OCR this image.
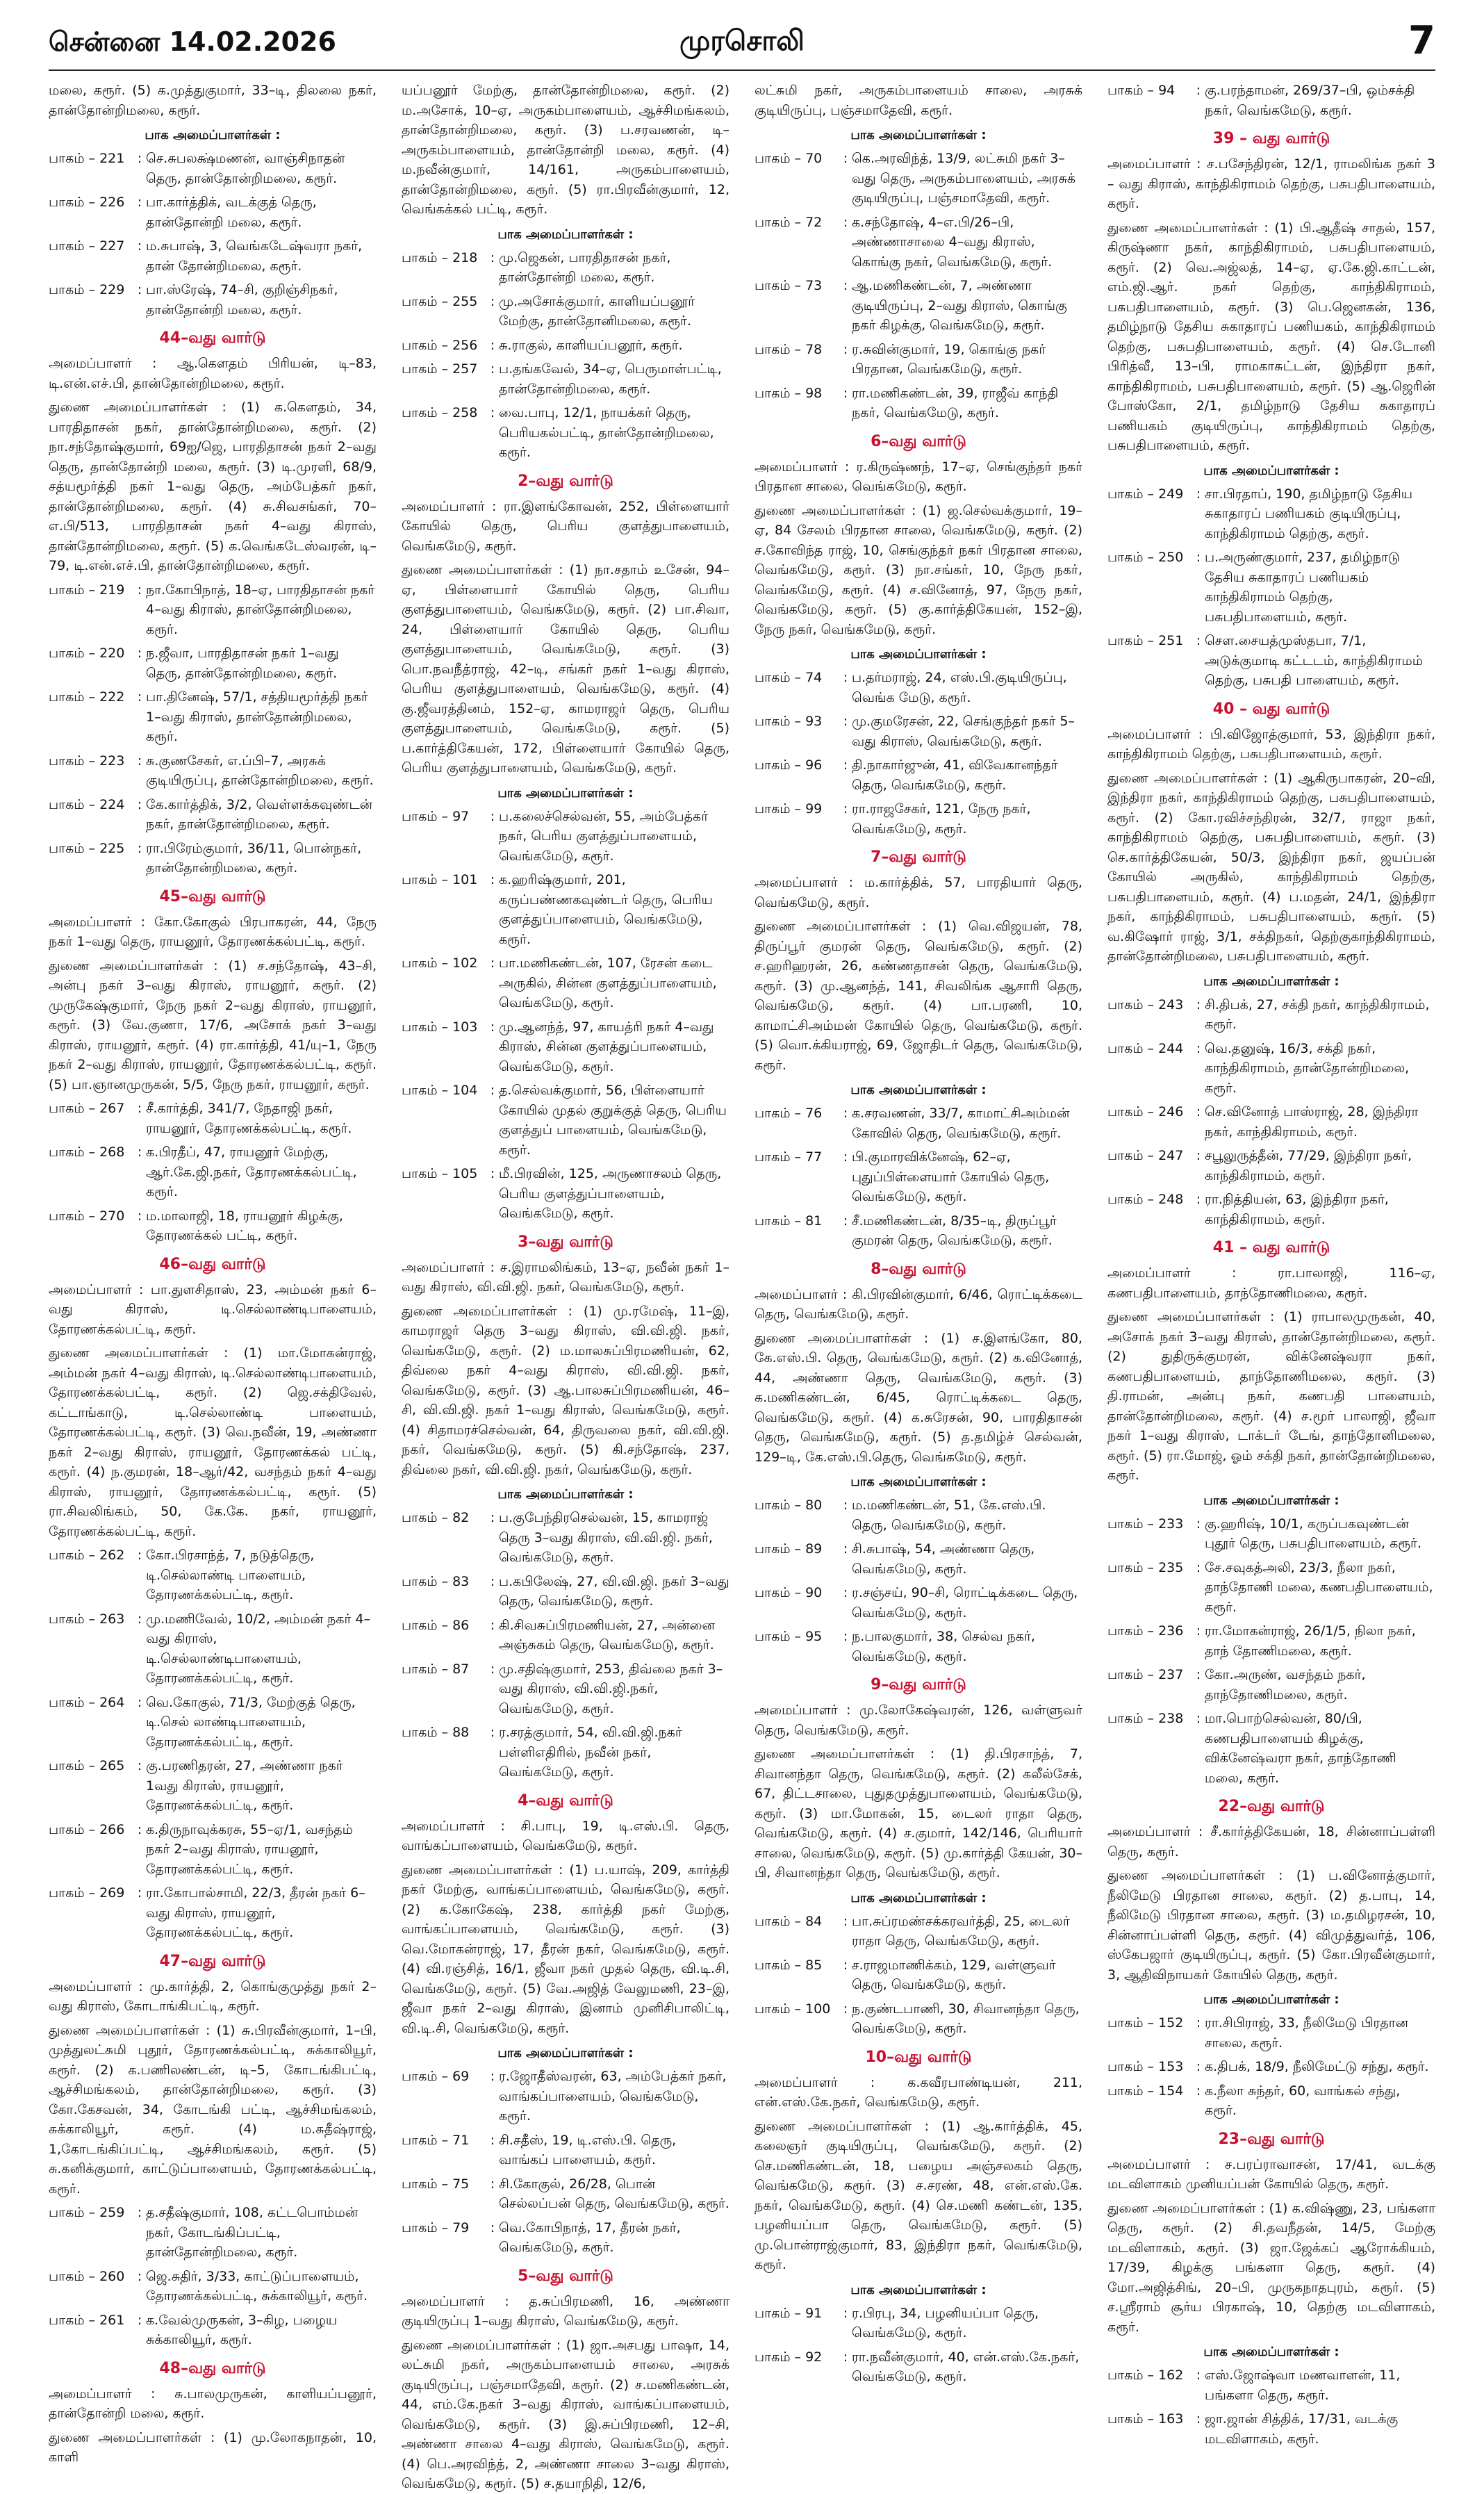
சென்னை 14.02.2026	முரசொலி	7

மலை, கரூர். (5) க.முத்துகுமார், 33–டி, திலலை நகர், தான்தோன்றிமலை, கரூர்.

பாக அமைப்பாளர்கள் :
பாகம் – 221 : செ.சுபலக்ஷ்மணன், வாஞ்சிநாதன் தெரு, தான்தோன்றிமலை, கரூர்.
பாகம் – 226 : பா.கார்த்திக், வடக்குத் தெரு, தான்தோன்றி மலை, கரூர்.
பாகம் – 227 : ம.சுபாஷ், 3, வெங்கடேஷ்வரா நகர், தான் தோன்றிமலை, கரூர்.
பாகம் – 229 : பா.ஸ்ரேஷ், 74–சி, குறிஞ்சிநகர், தான்தோன்றி மலை, கரூர்.
44–வது வார்டு

அமைப்பாளர் : ஆ.கௌதம் பிரியன், டி–83, டி.என்.எச்.பி, தான்தோன்றிமலை, கரூர்.

துணை அமைப்பாளர்கள் : (1) க.கௌதம், 34, பாரதிதாசன் நகர், தான்தோன்றிமலை, கரூர். (2) நா.சந்தோஷ்குமார், 69ஐ/ஜெ, பாரதிதாசன் நகர் 2–வது தெரு, தான்தோன்றி மலை, கரூர். (3) டி.முரளி, 68/9, சத்யமூர்த்தி நகர் 1–வது தெரு, அம்பேத்கர் நகர், தான்தோன்றிமலை, கரூர். (4) சு.சிவசங்கர், 70–எ.பி/513, பாரதிதாசன் நகர் 4–வது கிராஸ், தான்தோன்றிமலை, கரூர். (5) க.வெங்கடேஸ்வரன், டி–79, டி.என்.எச்.பி, தான்தோன்றிமலை, கரூர்.

பாகம் – 219 : நா.கோபிநாத், 18–ஏ, பாரதிதாசன் நகர் 4–வது கிராஸ், தான்தோன்றிமலை, கரூர்.
பாகம் – 220 : ந.ஜீவா, பாரதிதாசன் நகர் 1–வது தெரு, தான்தோன்றிமலை, கரூர்.
பாகம் – 222 : பா.தினேஷ், 57/1, சத்தியமூர்த்தி நகர் 1–வது கிராஸ், தான்தோன்றிமலை, கரூர்.
பாகம் – 223 : சு.குணசேகர், எ.ப்பி–7, அரசுக் குடியிருப்பு, தான்தோன்றிமலை, கரூர்.
பாகம் – 224 : கே.கார்த்திக், 3/2, வெள்ளக்கவுண்டன் நகர், தான்தோன்றிமலை, கரூர்.
பாகம் – 225 : ரா.பிரேம்குமார், 36/11, பொன்நகர், தான்தோன்றிமலை, கரூர்.
45–வது வார்டு

அமைப்பாளர் : கோ.கோகுல் பிரபாகரன், 44, நேரு நகர் 1–வது தெரு, ராயனூர், தோரணக்கல்பட்டி, கரூர்.

துணை அமைப்பாளர்கள் : (1) ச.சந்தோஷ், 43–சி, அன்பு நகர் 3–வது கிராஸ், ராயனூர், கரூர். (2) முருகேஷ்குமார், நேரு நகர் 2–வது கிராஸ், ராயனூர், கரூர். (3) வே.குணா, 17/6, அசோக் நகர் 3–வது கிராஸ், ராயனூர், கரூர். (4) ரா.கார்த்தி, 41/யு–1, நேரு நகர் 2–வது கிராஸ், ராயனூர், தோரணக்கல்பட்டி, கரூர். (5) பா.ஞானமுருகன், 5/5, நேரு நகர், ராயனூர், கரூர்.

பாகம் – 267 : சீ.கார்த்தி, 341/7, நேதாஜி நகர், ராயனூர், தோரணக்கல்பட்டி, கரூர்.
பாகம் – 268 : க.பிரதீப், 47, ராயனூர் மேற்கு, ஆர்.கே.ஜி.நகர், தோரணக்கல்பட்டி, கரூர்.
பாகம் – 270 : ம.மாலாஜி, 18, ராயனூர் கிழக்கு, தோரணக்கல் பட்டி, கரூர்.
46–வது வார்டு

அமைப்பாளர் : பா.துளசிதாஸ், 23, அம்மன் நகர் 6–வது கிராஸ், டி.செல்லாண்டிபாளையம், தோரணக்கல்பட்டி, கரூர்.

துணை அமைப்பாளர்கள் : (1) மா.மோகன்ராஜ், அம்மன் நகர் 4–வது கிராஸ், டி.செல்லாண்டிபாளையம், தோரணக்கல்பட்டி, கரூர். (2) ஜெ.சக்திவேல், கட்டாங்காடு, டி.செல்லாண்டி பாளையம், தோரணக்கல்பட்டி, கரூர். (3) வெ.நவீன், 19, அண்ணா நகர் 2–வது கிராஸ், ராயனூர், தோரணக்கல் பட்டி, கரூர். (4) ந.குமரன், 18–ஆர்/42, வசந்தம் நகர் 4–வது கிராஸ், ராயனூர், தோரணக்கல்பட்டி, கரூர். (5) ரா.சிவலிங்கம், 50, கே.கே. நகர், ராயனூர், தோரணக்கல்பட்டி, கரூர்.

பாகம் – 262 : கோ.பிரசாந்த், 7, நடுத்தெரு, டி.செல்லாண்டி பாளையம், தோரணக்கல்பட்டி, கரூர்.
பாகம் – 263 : மு.மணிவேல், 10/2, அம்மன் நகர் 4–வது கிராஸ், டி.செல்லாண்டிபாளையம், தோரணக்கல்பட்டி, கரூர்.
பாகம் – 264 : வெ.கோகுல், 71/3, மேற்குத் தெரு, டி.செல் லாண்டிபாளையம், தோரணக்கல்பட்டி, கரூர்.
பாகம் – 265 : கு.பரணிதரன், 27, அண்ணா நகர் 1வது கிராஸ், ராயனூர், தோரணக்கல்பட்டி, கரூர்.
பாகம் – 266 : க.திருநாவுக்கரசு, 55–ஏ/1, வசந்தம் நகர் 2–வது கிராஸ், ராயனூர், தோரணக்கல்பட்டி, கரூர்.
பாகம் – 269 : ரா.கோபால்சாமி, 22/3, தீரன் நகர் 6–வது கிராஸ், ராயனூர், தோரணக்கல்பட்டி, கரூர்.
47–வது வார்டு

அமைப்பாளர் : மு.கார்த்தி, 2, கொங்குமுத்து நகர் 2–வது கிராஸ், கோடாங்கிபட்டி, கரூர்.

துணை அமைப்பாளர்கள் : (1) சு.பிரவீன்குமார், 1–பி, முத்துலட்சுமி புதூர், தோரணக்கல்பட்டி, சுக்காலியூர், கரூர். (2) க.பணிலண்டன், டி–5, கோடங்கிபட்டி, ஆச்சிமங்கலம், தான்தோன்றிமலை, கரூர். (3) கோ.கேசவன், 34, கோடங்கி பட்டி, ஆச்சிமங்கலம், சுக்காலியூர், கரூர். (4) ம.சுதீஷ்ராஜ், 1,கோடங்கிப்பட்டி, ஆச்சிமங்கலம், கரூர். (5) சு.கனிக்குமார், காட்டுப்பாளையம், தோரணக்கல்பட்டி, கரூர்.

பாகம் – 259 : த.சதீஷ்குமார், 108, கட்டபொம்மன் நகர், கோடங்கிப்பட்டி, தான்தோன்றிமலை, கரூர்.
பாகம் – 260 : ஜெ.சுதிர், 3/33, காட்டுப்பாளையம், தோரணக்கல்பட்டி, சுக்காலியூர், கரூர்.
பாகம் – 261 : க.வேல்முருகன், 3–கிழ, பழைய சுக்காலியூர், கரூர்.
48–வது வார்டு

அமைப்பாளர் : சு.பாலமுருகன், காளியப்பனூர், தான்தோன்றி மலை, கரூர்.

துணை அமைப்பாளர்கள் : (1) மு.லோகநாதன், 10, காளி

யப்பனூர் மேற்கு, தான்தோன்றிமலை, கரூர். (2) ம.அசோக், 10–ஏ, அருகம்பாளையம், ஆச்சிமங்கலம், தான்தோன்றிமலை, கரூர். (3) ப.சரவணன், டி–அருகம்பாளையம், தான்தோன்றி மலை, கரூர். (4) ம.நவீன்குமார், 14/161, அருகம்பாளையம், தான்தோன்றிமலை, கரூர். (5) ரா.பிரவீன்குமார், 12, வெங்கக்கல் பட்டி, கரூர்.

பாக அமைப்பாளர்கள் :
பாகம் – 218 : மு.ஜெகன், பாரதிதாசன் நகர், தான்தோன்றி மலை, கரூர்.
பாகம் – 255 : மு.அசோக்குமார், காளியப்பனூர் மேற்கு, தான்தோனிமலை, கரூர்.
பாகம் – 256 : சு.ராகுல், காளியப்பனூர், கரூர்.
பாகம் – 257 : ப.தங்கவேல், 34–ஏ, பெருமாள்பட்டி, தான்தோன்றிமலை, கரூர்.
பாகம் – 258 : வை.பாபு, 12/1, நாயக்கர் தெரு, பெரியகல்பட்டி, தான்தோன்றிமலை, கரூர்.
2–வது வார்டு

அமைப்பாளர் : ரா.இளங்கோவன், 252, பிள்ளையார் கோயில் தெரு, பெரிய குளத்துபாளையம், வெங்கமேடு, கரூர்.

துணை அமைப்பாளர்கள் : (1) நா.சதாம் உசேன், 94–ஏ, பிள்ளையார் கோயில் தெரு, பெரிய குளத்துபாளையம், வெங்கமேடு, கரூர். (2) பா.சிவா, 24, பிள்ளையார் கோயில் தெரு, பெரிய குளத்துபாளையம், வெங்கமேடு, கரூர். (3) பொ.நவநீத்ராஜ், 42–டி, சங்கர் நகர் 1–வது கிராஸ், பெரிய குளத்துபாளையம், வெங்கமேடு, கரூர். (4) கு.ஜீவரத்தினம், 152–ஏ, காமராஜர் தெரு, பெரிய குளத்துபாளையம், வெங்கமேடு, கரூர். (5) ப.கார்த்திகேயன், 172, பிள்ளையார் கோயில் தெரு, பெரிய குளத்துபாளையம், வெங்கமேடு, கரூர்.

பாக அமைப்பாளர்கள் :
பாகம் – 97	: ப.கலைச்செல்வன், 55, அம்பேத்கர் நகர், பெரிய குளத்துப்பாளையம், வெங்கமேடு, கரூர்.
பாகம் – 101 : க.ஹரிஷ்குமார், 201, கருப்பண்ணகவுண்டர் தெரு, பெரிய குளத்துப்பாளையம், வெங்கமேடு, கரூர்.
பாகம் – 102 : பா.மணிகண்டன், 107, ரேசன் கடை அருகில், சின்ன குளத்துப்பாளையம், வெங்கமேடு, கரூர்.
பாகம் – 103 : மு.ஆனந்த், 97, காயத்ரி நகர் 4–வது கிராஸ், சின்ன குளத்துப்பாளையம், வெங்கமேடு, கரூர்.
பாகம் – 104 : த.செல்வக்குமார், 56, பிள்ளையார் கோயில் முதல் குறுக்குத் தெரு, பெரிய குளத்துப் பாளையம், வெங்கமேடு, கரூர்.
பாகம் – 105 : மீ.பிரவின், 125, அருணாசலம் தெரு, பெரிய குளத்துப்பாளையம், வெங்கமேடு, கரூர்.
3–வது வார்டு

அமைப்பாளர் : ச.இராமலிங்கம், 13–ஏ, நவீன் நகர் 1–வது கிராஸ், வி.வி.ஜி. நகர், வெங்கமேடு, கரூர்.

துணை அமைப்பாளர்கள் : (1) மு.ரமேஷ், 11–இ, காமராஜர் தெரு 3–வது கிராஸ், வி.வி.ஜி. நகர், வெங்கமேடு, கரூர். (2) ம.மாலசுப்பிரமணியன், 62, திவ்லை நகர் 4–வது கிராஸ், வி.வி.ஜி. நகர், வெங்கமேடு, கரூர். (3) ஆ.பாலசுப்பிரமணியன், 46–சி, வி.வி.ஜி. நகர் 1–வது கிராஸ், வெங்கமேடு, கரூர். (4) சிதாமரச்செல்வன், 64, திருவலை நகர், வி.வி.ஜி. நகர், வெங்கமேடு, கரூர். (5) கி.சந்தோஷ், 237, திவ்லை நகர், வி.வி.ஜி. நகர், வெங்கமேடு, கரூர்.

பாக அமைப்பாளர்கள் :
பாகம் – 82	: ப.குபேந்திரசெல்வன், 15, காமராஜ் தெரு 3–வது கிராஸ், வி.வி.ஜி. நகர், வெங்கமேடு, கரூர்.
பாகம் – 83	: ப.கபிலேஷ், 27, வி.வி.ஜி. நகர் 3–வது தெரு, வெங்கமேடு, கரூர்.
பாகம் – 86	: கி.சிவசுப்பிரமணியன், 27, அன்னை அஞ்சுகம் தெரு, வெங்கமேடு, கரூர்.
பாகம் – 87	: மு.சதிஷ்குமார், 253, திவ்லை நகர் 3–வது கிராஸ், வி.வி.ஜி.நகர், வெங்கமேடு, கரூர்.
பாகம் – 88	: ர.சரத்குமார், 54, வி.வி.ஜி.நகர் பள்ளிஎதிரில், நவீன் நகர், வெங்கமேடு, கரூர்.
4–வது வார்டு

அமைப்பாளர் : சி.பாபு, 19, டி.எஸ்.பி. தெரு, வாங்கப்பாளையம், வெங்கமேடு, கரூர்.

துணை அமைப்பாளர்கள் : (1) ப.யாஷ், 209, கார்த்தி நகர் மேற்கு, வாங்கப்பாளையம், வெங்கமேடு, கரூர். (2) க.கோகேஷ், 238, கார்த்தி நகர் மேற்கு, வாங்கப்பாளையம், வெங்கமேடு, கரூர். (3) வெ.மோகன்ராஜ், 17, தீரன் நகர், வெங்கமேடு, கரூர். (4) வி.ரஞ்சித், 16/1, ஜீவா நகர் முதல் தெரு, வி.டி.சி, வெங்கமேடு, கரூர். (5) வே.அஜித் வேலுமணி, 23–இ, ஜீவா நகர் 2–வது கிராஸ், இனாம் முனிசிபாலிட்டி, வி.டி.சி, வெங்கமேடு, கரூர்.

பாக அமைப்பாளர்கள் :
பாகம் – 69	: ர.ஜோதீஸ்வரன், 63, அம்பேத்கர் நகர், வாங்கப்பாளையம், வெங்கமேடு, கரூர்.
பாகம் – 71	: சி.சதீஸ், 19, டி.எஸ்.பி. தெரு, வாங்கப் பாளையம், கரூர்.
பாகம் – 75	: சி.கோகுல், 26/28, பொன் செல்லப்பன் தெரு, வெங்கமேடு, கரூர்.
பாகம் – 79	: வெ.கோபிநாத், 17, தீரன் நகர், வெங்கமேடு, கரூர்.
5–வது வார்டு

அமைப்பாளர் : த.சுப்பிரமணி, 16, அண்ணா குடியிருப்பு 1–வது கிராஸ், வெங்கமேடு, கரூர்.

துணை அமைப்பாளர்கள் : (1) ஜா.அசபது பாஷா, 14, லட்சுமி நகர், அருகம்பாளையம் சாலை, அரசுக் குடியிருப்பு, பஞ்சமாதேவி, கரூர். (2) ச.மணிகண்டன், 44, எம்.கே.நகர் 3–வது கிராஸ், வாங்கப்பாளையம், வெங்கமேடு, கரூர். (3) இ.சுப்பிரமணி, 12–சி, அண்ணா சாலை 4–வது கிராஸ், வெங்கமேடு, கரூர். (4) பெ.அரவிந்த், 2, அண்ணா சாலை 3–வது கிராஸ், வெங்கமேடு, கரூர். (5) ச.தயாநிதி, 12/6,

லட்சுமி நகர், அருகம்பாளையம் சாலை, அரசுக் குடியிருப்பு, பஞ்சமாதேவி, கரூர்.

பாக அமைப்பாளர்கள் :
பாகம் – 70	: கெ.அரவிந்த், 13/9, லட்சுமி நகர் 3–வது தெரு, அருகம்பாளையம், அரசுக் குடியிருப்பு, பஞ்சமாதேவி, கரூர்.
பாகம் – 72	: க.சந்தோஷ், 4–எ.பி/26–பி, அண்ணாசாலை 4–வது கிராஸ், கொங்கு நகர், வெங்கமேடு, கரூர்.
பாகம் – 73	: ஆ.மணிகண்டன், 7, அண்ணா குடியிருப்பு, 2–வது கிராஸ், கொங்கு நகர் கிழக்கு, வெங்கமேடு, கரூர்.
பாகம் – 78	: ர.சுவின்குமார், 19, கொங்கு நகர் பிரதான, வெங்கமேடு, கரூர்.
பாகம் – 98	: ரா.மணிகண்டன், 39, ராஜீவ் காந்தி நகர், வெங்கமேடு, கரூர்.
6–வது வார்டு

அமைப்பாளர் : ர.கிருஷ்ணந், 17–ஏ, செங்குந்தர் நகர் பிரதான சாலை, வெங்கமேடு, கரூர்.

துணை அமைப்பாளர்கள் : (1) ஜ.செல்வக்குமார், 19–ஏ, 84 சேலம் பிரதான சாலை, வெங்கமேடு, கரூர். (2) ச.கோவிந்த ராஜ், 10, செங்குந்தர் நகர் பிரதான சாலை, வெங்கமேடு, கரூர். (3) நா.சங்கர், 10, நேரு நகர், வெங்கமேடு, கரூர். (4) ச.வினோத், 97, நேரு நகர், வெங்கமேடு, கரூர். (5) கு.கார்த்திகேயன், 152–இ, நேரு நகர், வெங்கமேடு, கரூர்.

பாக அமைப்பாளர்கள் :
பாகம் – 74	: ப.தர்மராஜ், 24, எஸ்.பி.குடியிருப்பு, வெங்க மேடு, கரூர்.
பாகம் – 93	: மு.குமரேசன், 22, செங்குந்தர் நகர் 5–வது கிராஸ், வெங்கமேடு, கரூர்.
பாகம் – 96	: தி.நாகார்ஜுன், 41, விவேகானந்தர் தெரு, வெங்கமேடு, கரூர்.
பாகம் – 99	: ரா.ராஜசேகர், 121, நேரு நகர், வெங்கமேடு, கரூர்.
7–வது வார்டு

அமைப்பாளர் : ம.கார்த்திக், 57, பாரதியார் தெரு, வெங்கமேடு, கரூர்.

துணை அமைப்பாளர்கள் : (1) வெ.விஜயன், 78, திருப்பூர் குமரன் தெரு, வெங்கமேடு, கரூர். (2) ச.ஹரிஹரன், 26, கண்ணதாசன் தெரு, வெங்கமேடு, கரூர். (3) மு.ஆனந்த், 141, சிவலிங்க ஆசாரி தெரு, வெங்கமேடு, கரூர். (4) பா.பரணி, 10, காமாட்சிஅம்மன் கோயில் தெரு, வெங்கமேடு, கரூர். (5) வொ.க்கியராஜ், 69, ஜோதிடர் தெரு, வெங்கமேடு, கரூர்.

பாக அமைப்பாளர்கள் :
பாகம் – 76	: க.சரவணன், 33/7, காமாட்சிஅம்மன் கோவில் தெரு, வெங்கமேடு, கரூர்.
பாகம் – 77	: பி.குமாரவிக்னேஷ், 62–ஏ, புதுப்பிள்ளையார் கோயில் தெரு, வெங்கமேடு, கரூர்.
பாகம் – 81	: சீ.மணிகண்டன், 8/35–டி, திருப்பூர் குமரன் தெரு, வெங்கமேடு, கரூர்.
8–வது வார்டு

அமைப்பாளர் : கி.பிரவின்குமார், 6/46, ரொட்டிக்கடை தெரு, வெங்கமேடு, கரூர்.

துணை அமைப்பாளர்கள் : (1) ச.இளங்கோ, 80, கே.எஸ்.பி. தெரு, வெங்கமேடு, கரூர். (2) க.வினோத், 44, அண்ணா தெரு, வெங்கமேடு, கரூர். (3) க.மணிகண்டன், 6/45, ரொட்டிக்கடை தெரு, வெங்கமேடு, கரூர். (4) க.சுரேசன், 90, பாரதிதாசன் தெரு, வெங்கமேடு, கரூர். (5) த.தமிழ்ச் செல்வன், 129–டி, கே.எஸ்.பி.தெரு, வெங்கமேடு, கரூர்.

பாக அமைப்பாளர்கள் :
பாகம் – 80	: ம.மணிகண்டன், 51, கே.எஸ்.பி. தெரு, வெங்கமேடு, கரூர்.
பாகம் – 89	: சி.சுபாஷ், 54, அண்ணா தெரு, வெங்கமேடு, கரூர்.
பாகம் – 90	: ர.சஞ்சய், 90–சி, ரொட்டிக்கடை தெரு, வெங்கமேடு, கரூர்.
பாகம் – 95	: ந.பாலகுமார், 38, செல்வ நகர், வெங்கமேடு, கரூர்.
9–வது வார்டு

அமைப்பாளர் : மு.லோகேஷ்வரன், 126, வள்ளுவர் தெரு, வெங்கமேடு, கரூர்.

துணை அமைப்பாளர்கள் : (1) தி.பிரசாந்த், 7, சிவானந்தா தெரு, வெங்கமேடு, கரூர். (2) கலீல்சேக், 67, திட்டசாலை, புதுதமுத்துபாளையம், வெங்கமேடு, கரூர். (3) மா.மோகன், 15, டைலர் ராதா தெரு, வெங்கமேடு, கரூர். (4) ச.குமார், 142/146, பெரியார் சாலை, வெங்கமேடு, கரூர். (5) மு.கார்த்தி கேயன், 30–பி, சிவானந்தா தெரு, வெங்கமேடு, கரூர்.

பாக அமைப்பாளர்கள் :
பாகம் – 84	: பா.சுப்ரமண்சக்கரவர்த்தி, 25, டைலர் ராதா தெரு, வெங்கமேடு, கரூர்.
பாகம் – 85	: ச.ராஜமாணிக்கம், 129, வள்ளுவர் தெரு, வெங்கமேடு, கரூர்.
பாகம் – 100 : ந.குண்டபாணி, 30, சிவானந்தா தெரு, வெங்கமேடு, கரூர்.
10–வது வார்டு

அமைப்பாளர் : க.கவீரபாண்டியன், 211, என்.எஸ்.கே.நகர், வெங்கமேடு, கரூர்.

துணை அமைப்பாளர்கள் : (1) ஆ.கார்த்திக், 45, கலைஞர் குடியிருப்பு, வெங்கமேடு, கரூர். (2) செ.மணிகண்டன், 18, பழைய அஞ்சலகம் தெரு, வெங்கமேடு, கரூர். (3) ச.சரண், 48, என்.எஸ்.கே. நகர், வெங்கமேடு, கரூர். (4) செ.மணி கண்டன், 135, பழனியப்பா தெரு, வெங்கமேடு, கரூர். (5) மு.பொன்ராஜ்குமார், 83, இந்திரா நகர், வெங்கமேடு, கரூர்.

பாக அமைப்பாளர்கள் :
பாகம் – 91	: ர.பிரபு, 34, பழனியப்பா தெரு, வெங்கமேடு, கரூர்.
பாகம் – 92	: ரா.நவீன்குமார், 40, என்.எஸ்.கே.நகர், வெங்கமேடு, கரூர்.
பாகம் – 94	: கு.பரந்தாமன், 269/37–பி, ஒம்சக்தி நகர், வெங்கமேடு, கரூர்.
39 – வது வார்டு

அமைப்பாளர் : ச.பசேந்திரன், 12/1, ராமலிங்க நகர் 3 – வது கிராஸ், காந்திகிராமம் தெற்கு, பசுபதிபாளையம், கரூர்.

துணை அமைப்பாளர்கள் : (1) பி.ஆதீஷ் சாதல், 157, கிருஷ்ணா நகர், காந்திகிராமம், பசுபதிபாளையம், கரூர். (2) வெ.அஜ்லத், 14–ஏ, ஏ.கே.ஜி.காட்டன், எம்.ஜி.ஆர். நகர் தெற்கு, காந்திகிராமம், பசுபதிபாளையம், கரூர். (3) பெ.ஜெனகன், 136, தமிழ்நாடு தேசிய சுகாதாரப் பணியகம், காந்திகிராமம் தெற்கு, பசுபதிபாளையம், கரூர். (4) செ.டோனி பிரித்வீ, 13–பி, ராமகாசுட்டன், இந்திரா நகர், காந்திகிராமம், பசுபதிபாளையம், கரூர். (5) ஆ.ஜெரின் போஸ்கோ, 2/1, தமிழ்நாடு தேசிய சுகாதாரப் பணியகம் குடியிருப்பு, காந்திகிராமம் தெற்கு, பசுபதிபாளையம், கரூர்.

பாக அமைப்பாளர்கள் :
பாகம் – 249 : சா.பிரதாப், 190, தமிழ்நாடு தேசிய சுகாதாரப் பணியகம் குடியிருப்பு, காந்திகிராமம் தெற்கு, கரூர்.
பாகம் – 250 : ப.அருண்குமார், 237, தமிழ்நாடு தேசிய சுகாதாரப் பணியகம் காந்திகிராமம் தெற்கு, பசுபதிபாளையம், கரூர்.
பாகம் – 251 : சௌ.சையத்முஸ்தபா, 7/1, அடுக்குமாடி கட்டடம், காந்திகிராமம் தெற்கு, பசுபதி பாளையம், கரூர்.
40 – வது வார்டு

அமைப்பாளர் : பி.விஜோத்குமார், 53, இந்திரா நகர், காந்திகிராமம் தெற்கு, பசுபதிபாளையம், கரூர்.

துணை அமைப்பாளர்கள் : (1) ஆகிருபாகரன், 20–வி, இந்திரா நகர், காந்திகிராமம் தெற்கு, பசுபதிபாளையம், கரூர். (2) கோ.ரவிச்சந்திரன், 32/7, ராஜா நகர், காந்திகிராமம் தெற்கு, பசுபதிபாளையம், கரூர். (3) செ.கார்த்திகேயன், 50/3, இந்திரா நகர், ஜயப்பன் கோயில் அருகில், காந்திகிராமம் தெற்கு, பசுபதிபாளையம், கரூர். (4) ப.மதன், 24/1, இந்திரா நகர், காந்திகிராமம், பசுபதிபாளையம், கரூர். (5) வ.கிஷோர் ராஜ், 3/1, சக்திநகர், தெற்குகாந்திகிராமம், தான்தோன்றிமலை, பசுபதிபாளையம், கரூர்.

பாக அமைப்பாளர்கள் :
பாகம் – 243 : சி.திபக், 27, சக்தி நகர், காந்திகிராமம், கரூர்.
பாகம் – 244 : வெ.தனுஷ், 16/3, சக்தி நகர், காந்திகிராமம், தான்தோன்றிமலை, கரூர்.
பாகம் – 246 : செ.வினோத் பாஸ்ராஜ், 28, இந்திரா நகர், காந்திகிராமம், கரூர்.
பாகம் – 247 : சபூலுருத்தீன், 77/29, இந்திரா நகர், காந்திகிராமம், கரூர்.
பாகம் – 248 : ரா.நித்தியன், 63, இந்திரா நகர், காந்திகிராமம், கரூர்.
41 – வது வார்டு

அமைப்பாளர் : ரா.பாலாஜி, 116–ஏ, கணபதிபாளையம், தாந்தோணிமலை, கரூர்.

துணை அமைப்பாளர்கள் : (1) ராபாலமுருகன், 40, அசோக் நகர் 3–வது கிராஸ், தான்தோன்றிமலை, கரூர். (2) துதிருக்குமரன், விக்னேஷ்வரா நகர், கணபதிபாளையம், தாந்தோணிமலை, கரூர். (3) தி.ராமன், அன்பு நகர், கணபதி பாளையம், தான்தோன்றிமலை, கரூர். (4) ச.மூர் பாலாஜி, ஜீவா நகர் 1–வது கிராஸ், டாக்டர் டேங், தாந்தோனிமலை, கரூர். (5) ரா.மோஜ், ஓம் சக்தி நகர், தான்தோன்றிமலை, கரூர்.

பாக அமைப்பாளர்கள் :
பாகம் – 233 : கு.ஹரிஷ், 10/1, கருப்பகவுண்டன் புதூர் தெரு, பசுபதிபாளையம், கரூர்.
பாகம் – 235 : சே.சவுகத்அலி, 23/3, நீலா நகர், தாந்தோணி மலை, கணபதிபாளையம், கரூர்.
பாகம் – 236 : ரா.மோகன்ராஜ், 26/1/5, நிலா நகர், தாந் தோணிமலை, கரூர்.
பாகம் – 237 : கோ.அருண், வசந்தம் நகர், தாந்தோணிமலை, கரூர்.
பாகம் – 238 : மா.பொற்செல்வன், 80/பி, கணபதிபாளையம் கிழக்கு, விக்னேஷ்வரா நகர், தாந்தோணி மலை, கரூர்.
22–வது வார்டு

அமைப்பாளர் : சீ.கார்த்திகேயன், 18, சின்னாப்பள்ளி தெரு, கரூர்.

துணை அமைப்பாளர்கள் : (1) ப.வினோத்குமார், நீலிமேடு பிரதான சாலை, கரூர். (2) த.பாபு, 14, நீலிமேடு பிரதான சாலை, கரூர். (3) ம.தமிழரசன், 10, சின்னாப்பள்ளி தெரு, கரூர். (4) விமுத்துவர்த், 106, ஸ்கேபஜார் குடியிருப்பு, கரூர். (5) கோ.பிரவீன்குமார், 3, ஆதிவிநாயகர் கோயில் தெரு, கரூர்.

பாக அமைப்பாளர்கள் :
பாகம் – 152 : ரா.சிபிராஜ், 33, நீலிமேடு பிரதான சாலை, கரூர்.
பாகம் – 153 : க.திபக், 18/9, நீலிமேட்டு சந்து, கரூர்.
பாகம் – 154 : க.நீலா சுந்தர், 60, வாங்கல் சந்து, கரூர்.
23–வது வார்டு

அமைப்பாளர் : ச.பரப்ராவாசன், 17/41, வடக்கு மடவிளாகம் முனியப்பன் கோயில் தெரு, கரூர்.

துணை அமைப்பாளர்கள் : (1) க.விஷ்ணு, 23, பங்களா தெரு, கரூர். (2) சி.தவநீதன், 14/5, மேற்கு மடவிளாகம், கரூர். (3) ஜா.ஜேக்கப் ஆரோக்கியம், 17/39, கிழக்கு பங்களா தெரு, கரூர். (4) மோ.அஜித்சிங், 20–பி, முருகநாதபுரம், கரூர். (5) ச.ஸ்ரீராம் சூர்ய பிரகாஷ், 10, தெற்கு மடவிளாகம், கரூர்.

பாக அமைப்பாளர்கள் :
பாகம் – 162 : எஸ்.ஜோஷ்வா மணவாளன், 11, பங்களா தெரு, கரூர்.
பாகம் – 163 : ஜா.ஜான் சித்திக், 17/31, வடக்கு மடவிளாகம், கரூர்.
